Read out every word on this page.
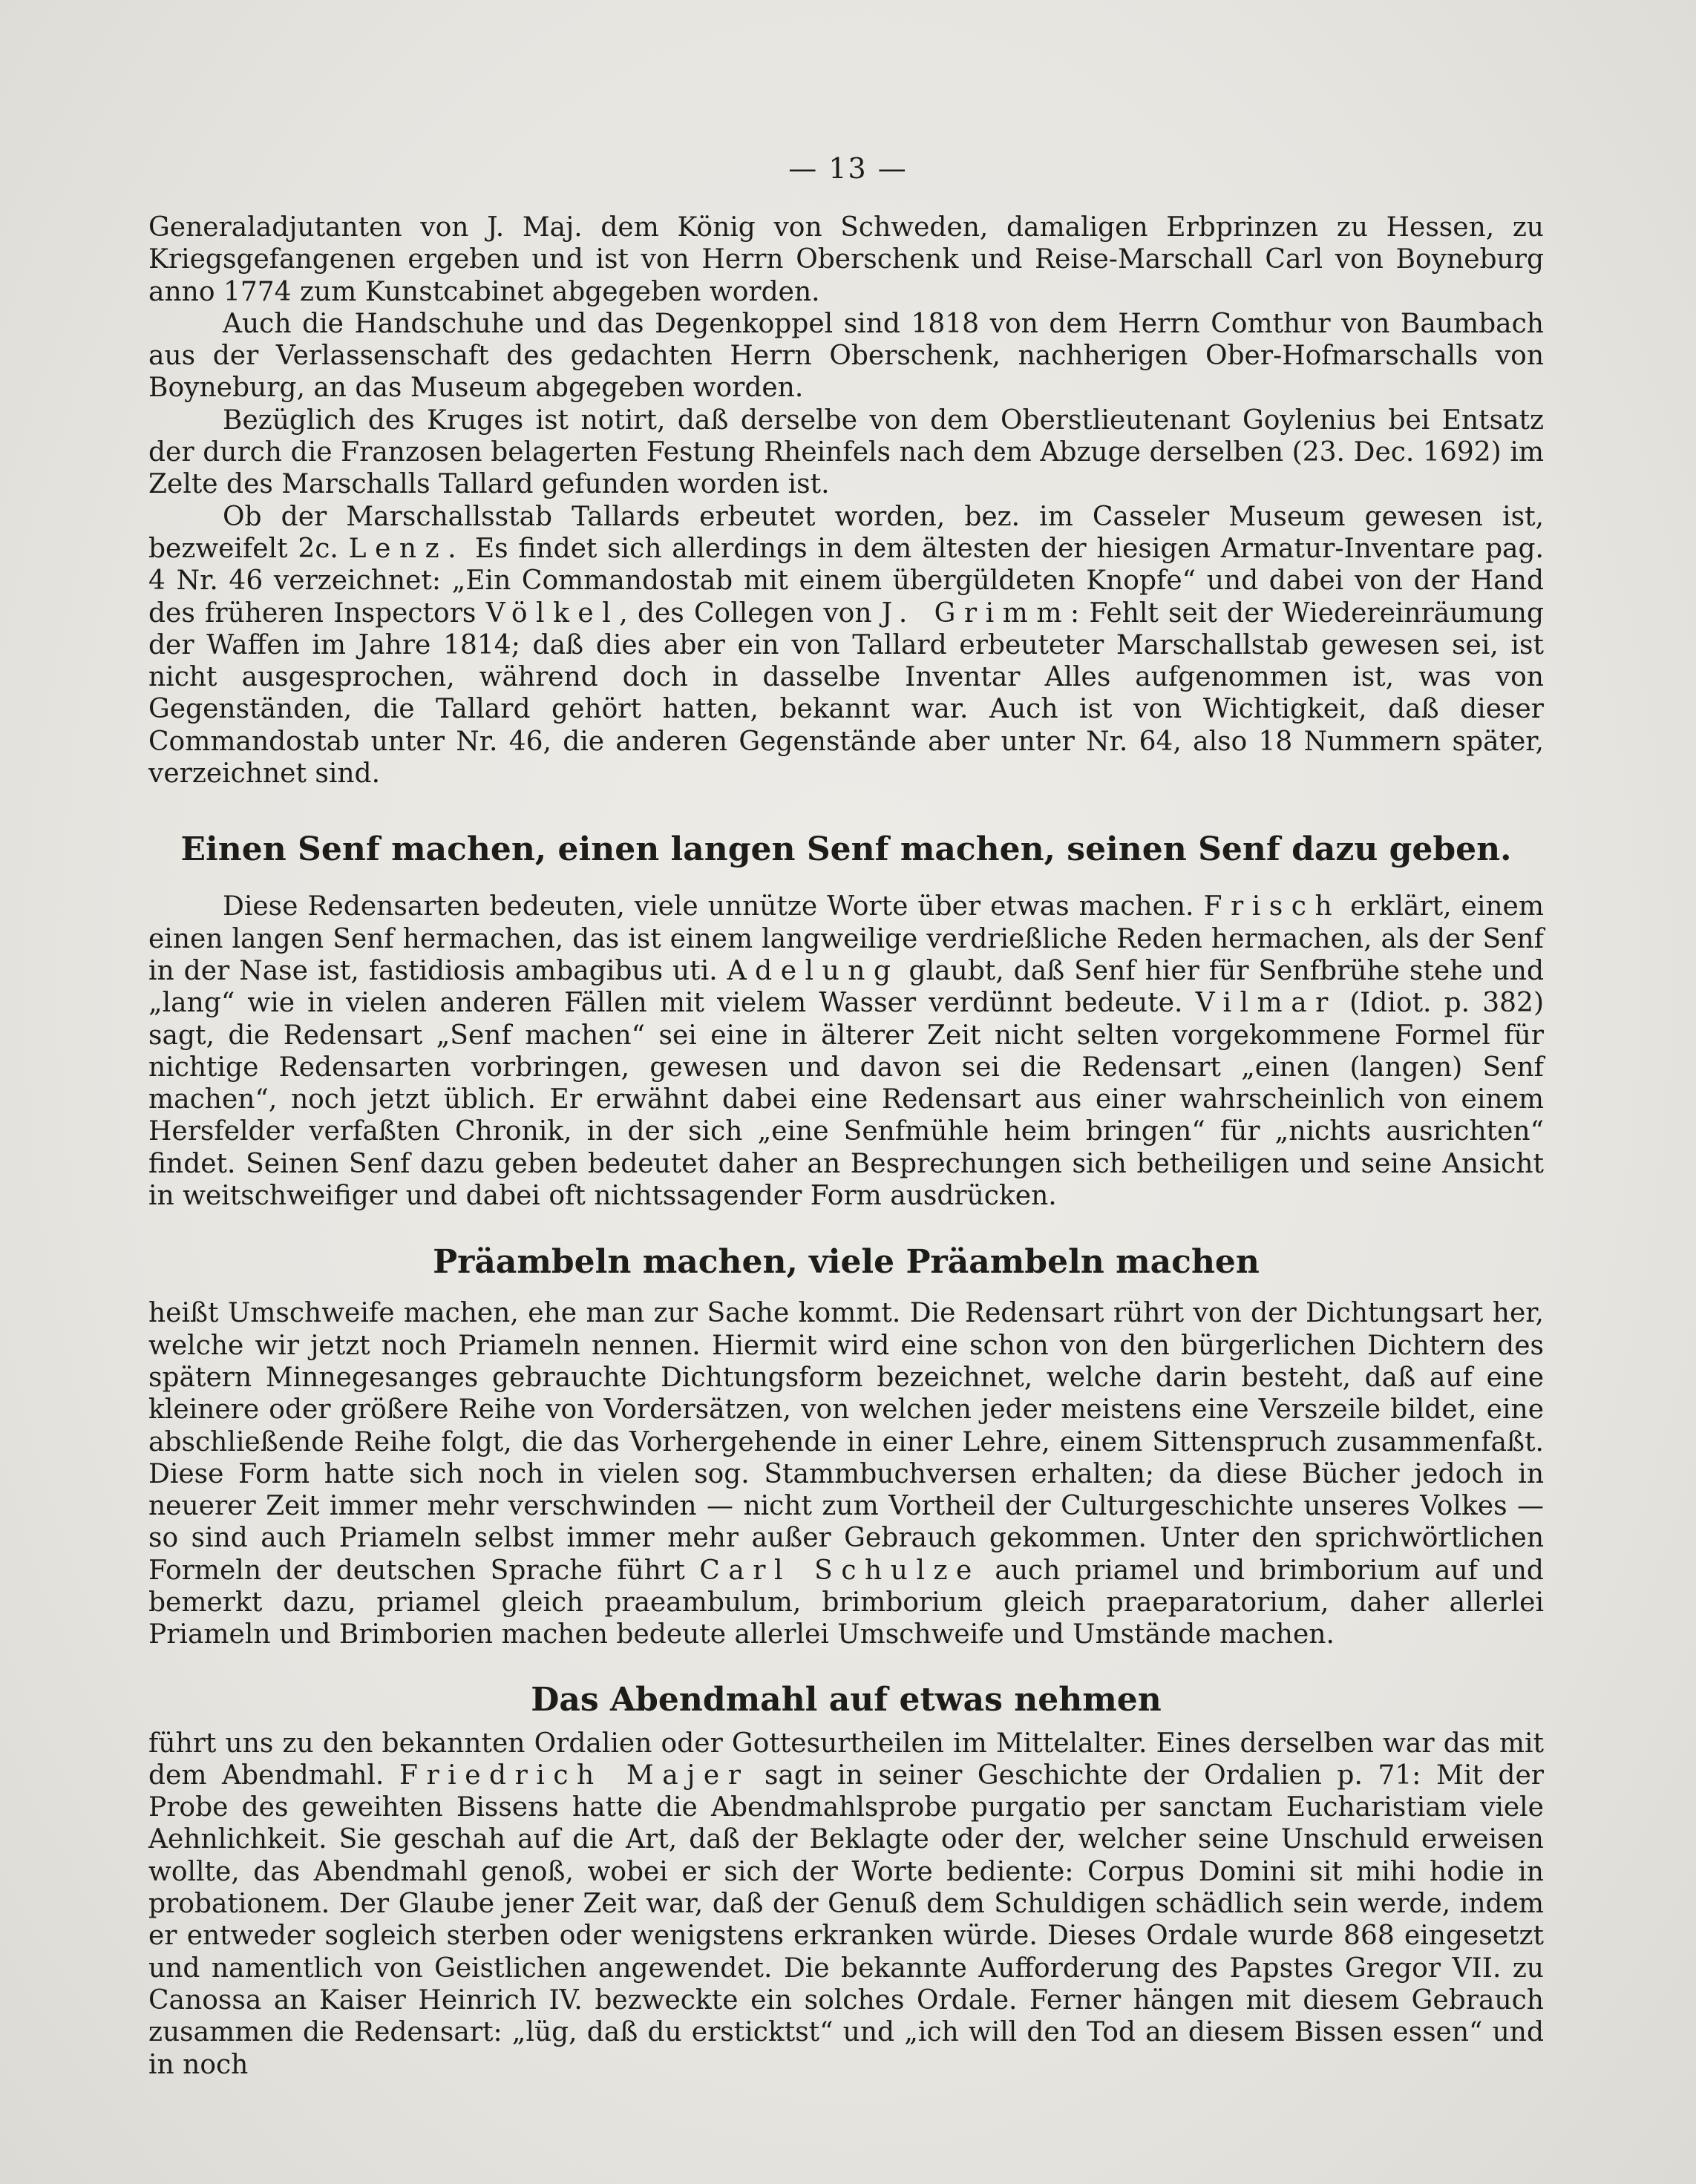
— 13 —

Generaladjutanten von J. Maj. dem König von Schweden, damaligen Erbprinzen zu Hessen, zu Kriegsgefangenen ergeben und ist von Herrn Oberschenk und Reise-Marschall Carl von Boyneburg anno 1774 zum Kunstcabinet abgegeben worden.

Auch die Handschuhe und das Degenkoppel sind 1818 von dem Herrn Comthur von Baumbach aus der Verlassenschaft des gedachten Herrn Oberschenk, nachherigen Ober-Hofmarschalls von Boyneburg, an das Museum abgegeben worden.

Bezüglich des Kruges ist notirt, daß derselbe von dem Oberstlieutenant Goylenius bei Entsatz der durch die Franzosen belagerten Festung Rheinfels nach dem Abzuge derselben (23. Dec. 1692) im Zelte des Marschalls Tallard gefunden worden ist.

Ob der Marschallsstab Tallards erbeutet worden, bez. im Casseler Museum gewesen ist, bezweifelt 2c. Lenz. Es findet sich allerdings in dem ältesten der hiesigen Armatur-Inventare pag. 4 Nr. 46 verzeichnet: „Ein Commandostab mit einem übergüldeten Knopfe“ und dabei von der Hand des früheren Inspectors Völkel, des Collegen von J. Grimm: Fehlt seit der Wiedereinräumung der Waffen im Jahre 1814; daß dies aber ein von Tallard erbeuteter Marschallstab gewesen sei, ist nicht ausgesprochen, während doch in dasselbe Inventar Alles aufgenommen ist, was von Gegenständen, die Tallard gehört hatten, bekannt war. Auch ist von Wichtigkeit, daß dieser Commandostab unter Nr. 46, die anderen Gegenstände aber unter Nr. 64, also 18 Nummern später, verzeichnet sind.

Einen Senf machen, einen langen Senf machen, seinen Senf dazu geben.

Diese Redensarten bedeuten, viele unnütze Worte über etwas machen. Frisch erklärt, einem einen langen Senf hermachen, das ist einem langweilige verdrießliche Reden hermachen, als der Senf in der Nase ist, fastidiosis ambagibus uti. Adelung glaubt, daß Senf hier für Senfbrühe stehe und „lang“ wie in vielen anderen Fällen mit vielem Wasser verdünnt bedeute. Vilmar (Idiot. p. 382) sagt, die Redensart „Senf machen“ sei eine in älterer Zeit nicht selten vorgekommene Formel für nichtige Redensarten vorbringen, gewesen und davon sei die Redensart „einen (langen) Senf machen“, noch jetzt üblich. Er erwähnt dabei eine Redensart aus einer wahrscheinlich von einem Hersfelder verfaßten Chronik, in der sich „eine Senfmühle heim bringen“ für „nichts ausrichten“ findet. Seinen Senf dazu geben bedeutet daher an Besprechungen sich betheiligen und seine Ansicht in weitschweifiger und dabei oft nichtssagender Form ausdrücken.

Präambeln machen, viele Präambeln machen

heißt Umschweife machen, ehe man zur Sache kommt. Die Redensart rührt von der Dichtungsart her, welche wir jetzt noch Priameln nennen. Hiermit wird eine schon von den bürgerlichen Dichtern des spätern Minnegesanges gebrauchte Dichtungsform bezeichnet, welche darin besteht, daß auf eine kleinere oder größere Reihe von Vordersätzen, von welchen jeder meistens eine Verszeile bildet, eine abschließende Reihe folgt, die das Vorhergehende in einer Lehre, einem Sittenspruch zusammenfaßt. Diese Form hatte sich noch in vielen sog. Stammbuchversen erhalten; da diese Bücher jedoch in neuerer Zeit immer mehr verschwinden — nicht zum Vortheil der Culturgeschichte unseres Volkes — so sind auch Priameln selbst immer mehr außer Gebrauch gekommen. Unter den sprichwörtlichen Formeln der deutschen Sprache führt Carl Schulze auch priamel und brimborium auf und bemerkt dazu, priamel gleich praeambulum, brimborium gleich praeparatorium, daher allerlei Priameln und Brimborien machen bedeute allerlei Umschweife und Umstände machen.

Das Abendmahl auf etwas nehmen

führt uns zu den bekannten Ordalien oder Gottesurtheilen im Mittelalter. Eines derselben war das mit dem Abendmahl. Friedrich Majer sagt in seiner Geschichte der Ordalien p. 71: Mit der Probe des geweihten Bissens hatte die Abendmahlsprobe purgatio per sanctam Eucharistiam viele Aehnlichkeit. Sie geschah auf die Art, daß der Beklagte oder der, welcher seine Unschuld erweisen wollte, das Abendmahl genoß, wobei er sich der Worte bediente: Corpus Domini sit mihi hodie in probationem. Der Glaube jener Zeit war, daß der Genuß dem Schuldigen schädlich sein werde, indem er entweder sogleich sterben oder wenigstens erkranken würde. Dieses Ordale wurde 868 eingesetzt und namentlich von Geistlichen angewendet. Die bekannte Aufforderung des Papstes Gregor VII. zu Canossa an Kaiser Heinrich IV. bezweckte ein solches Ordale. Ferner hängen mit diesem Gebrauch zusammen die Redensart: „lüg, daß du ersticktst“ und „ich will den Tod an diesem Bissen essen“ und in noch
